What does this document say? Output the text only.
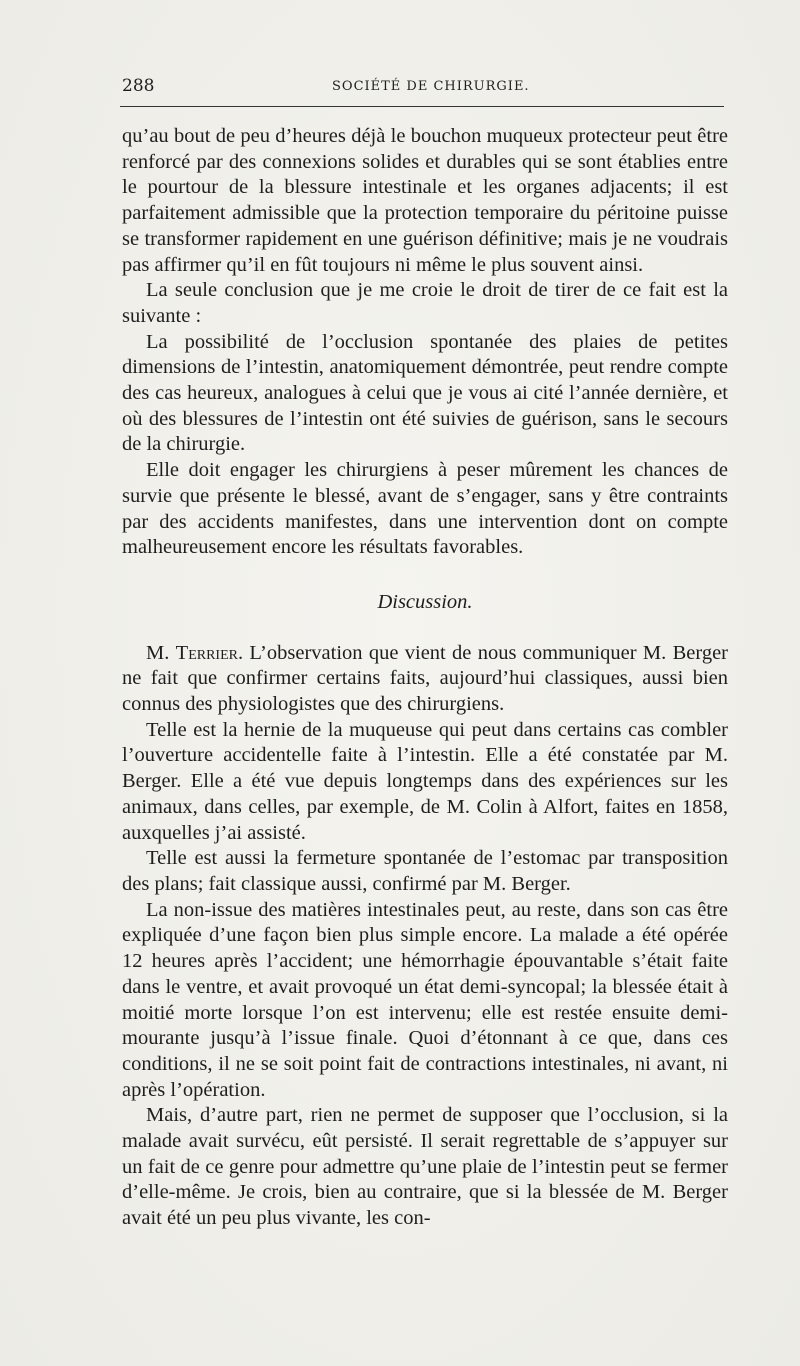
288	SOCIÉTÉ DE CHIRURGIE.

qu’au bout de peu d’heures déjà le bouchon muqueux protecteur peut être renforcé par des connexions solides et durables qui se sont établies entre le pourtour de la blessure intestinale et les organes adjacents; il est parfaitement admissible que la protection temporaire du péritoine puisse se transformer rapidement en une guérison définitive; mais je ne voudrais pas affirmer qu’il en fût toujours ni même le plus souvent ainsi.

La seule conclusion que je me croie le droit de tirer de ce fait est la suivante :

La possibilité de l’occlusion spontanée des plaies de petites dimensions de l’intestin, anatomiquement démontrée, peut rendre compte des cas heureux, analogues à celui que je vous ai cité l’année dernière, et où des blessures de l’intestin ont été suivies de guérison, sans le secours de la chirurgie.

Elle doit engager les chirurgiens à peser mûrement les chances de survie que présente le blessé, avant de s’engager, sans y être contraints par des accidents manifestes, dans une intervention dont on compte malheureusement encore les résultats favorables.

Discussion.

M. Terrier. L’observation que vient de nous communiquer M. Berger ne fait que confirmer certains faits, aujourd’hui classiques, aussi bien connus des physiologistes que des chirurgiens.

Telle est la hernie de la muqueuse qui peut dans certains cas combler l’ouverture accidentelle faite à l’intestin. Elle a été constatée par M. Berger. Elle a été vue depuis longtemps dans des expériences sur les animaux, dans celles, par exemple, de M. Colin à Alfort, faites en 1858, auxquelles j’ai assisté.

Telle est aussi la fermeture spontanée de l’estomac par transposition des plans; fait classique aussi, confirmé par M. Berger.

La non-issue des matières intestinales peut, au reste, dans son cas être expliquée d’une façon bien plus simple encore. La malade a été opérée 12 heures après l’accident; une hémorrhagie épouvantable s’était faite dans le ventre, et avait provoqué un état demi-syncopal; la blessée était à moitié morte lorsque l’on est intervenu; elle est restée ensuite demi-mourante jusqu’à l’issue finale. Quoi d’étonnant à ce que, dans ces conditions, il ne se soit point fait de contractions intestinales, ni avant, ni après l’opération.

Mais, d’autre part, rien ne permet de supposer que l’occlusion, si la malade avait survécu, eût persisté. Il serait regrettable de s’appuyer sur un fait de ce genre pour admettre qu’une plaie de l’intestin peut se fermer d’elle-même. Je crois, bien au contraire, que si la blessée de M. Berger avait été un peu plus vivante, les con-
